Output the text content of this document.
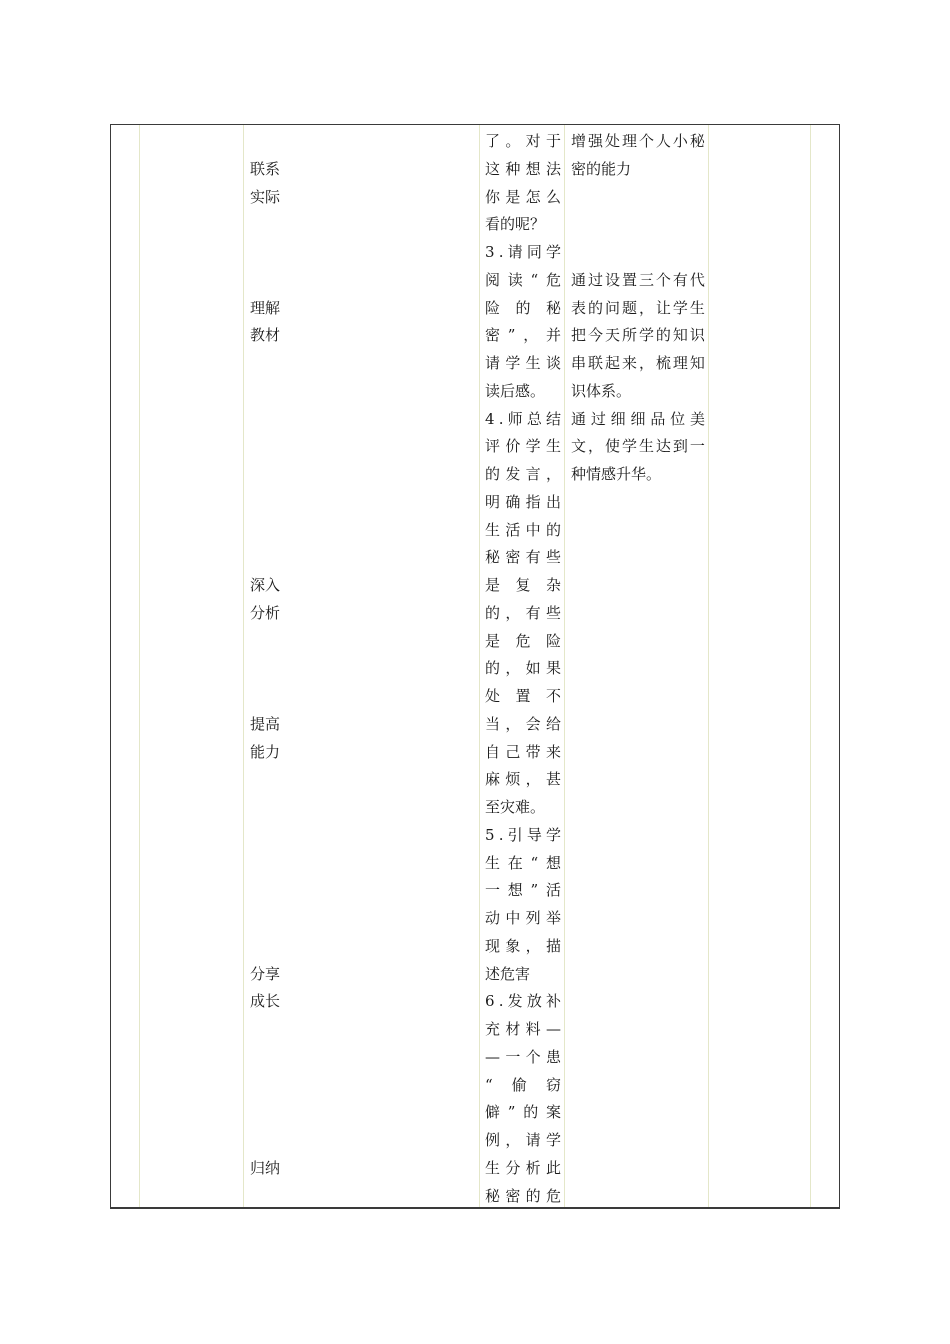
联系
实际
理解
教材
深入
分析
提高
能力
分享
成长
归纳
了 。 对 于
这 种 想 法
你 是 怎 么
看的呢？
3 . 请 同 学
阅 读 “ 危
险 的 秘
密 ” ， 并
请 学 生 谈
读后感。
4 . 师 总 结
评 价 学 生
的 发 言 ，
明 确 指 出
生 活 中 的
秘 密 有 些
是 复 杂
的 ， 有 些
是 危 险
的 ， 如 果
处 置 不
当 ， 会 给
自 己 带 来
麻 烦 ， 甚
至灾难。
5 . 引 导 学
生 在 “ 想
一 想 ” 活
动 中 列 举
现 象 ， 描
述危害
6 . 发 放 补
充 材 料 —
— 一 个 患
“ 偷 窃
僻 ” 的 案
例 ， 请 学
生 分 析 此
秘 密 的 危
增 强 处 理 个 人 小 秘
密的能力
通 过 设 置 三 个 有 代
表 的 问 题 ， 让 学 生
把 今 天 所 学 的 知 识
串 联 起 来 ， 梳 理 知
识体系。
通 过 细 细 品 位 美
文 ， 使 学 生 达 到 一
种情感升华。
